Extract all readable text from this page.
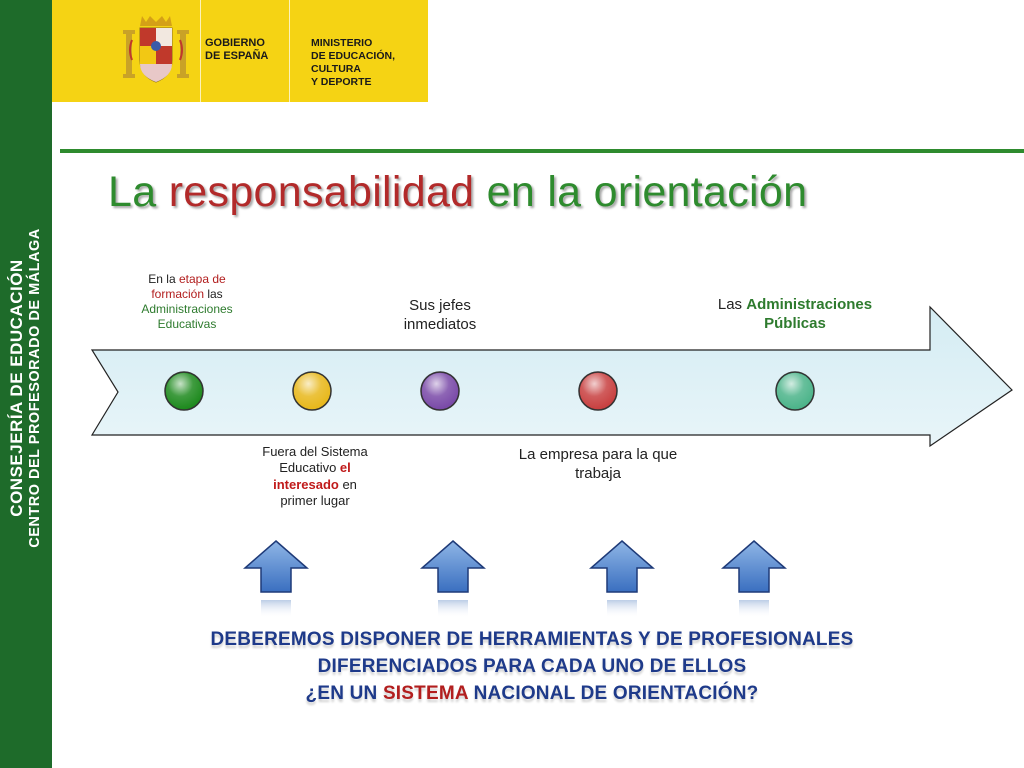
CONSEJERÍA DE EDUCACIÓN CENTRO DEL PROFESORADO DE MÁLAGA
GOBIERNO
DE ESPAÑA
MINISTERIO
DE EDUCACIÓN, CULTURA
Y DEPORTE
La responsabilidad en la orientación
En la etapa de formación las Administraciones Educativas
Sus jefes inmediatos
Las Administraciones Públicas
Fuera del Sistema Educativo el interesado en primer lugar
La empresa para la que trabaja
DEBEREMOS DISPONER DE HERRAMIENTAS Y DE PROFESIONALES
DIFERENCIADOS PARA CADA UNO DE ELLOS
¿EN UN SISTEMA NACIONAL DE ORIENTACIÓN?
